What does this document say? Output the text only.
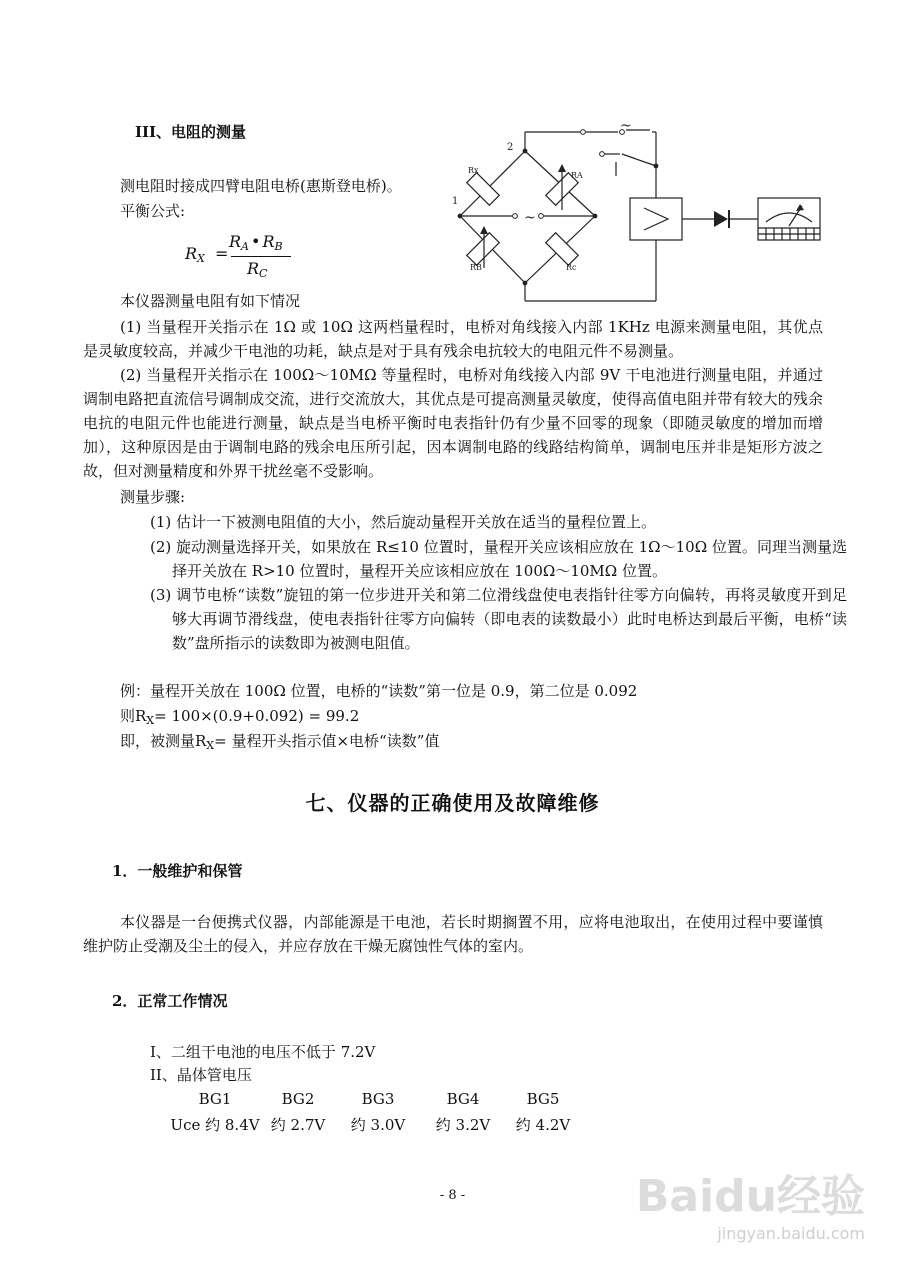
III、电阻的测量
测电阻时接成四臂电阻电桥(惠斯登电桥)。
平衡公式:
$R_X$ =
$R_A$ • $R_B$
$R_C$
2
1
Rx
RA
RB	Rc
~
~
本仪器测量电阻有如下情况
(1) 当量程开关指示在 1Ω 或 10Ω 这两档量程时，电桥对角线接入内部 1KHz 电源来测量电阻，其优点是灵敏度较高，并减少干电池的功耗，缺点是对于具有残余电抗较大的电阻元件不易测量。
(2) 当量程开关指示在 100Ω～10MΩ 等量程时，电桥对角线接入内部 9V 干电池进行测量电阻，并通过调制电路把直流信号调制成交流，进行交流放大，其优点是可提高测量灵敏度，使得高值电阻并带有较大的残余电抗的电阻元件也能进行测量，缺点是当电桥平衡时电表指针仍有少量不回零的现象（即随灵敏度的增加而增加），这种原因是由于调制电路的残余电压所引起，因本调制电路的线路结构简单，调制电压并非是矩形方波之故，但对测量精度和外界干扰丝毫不受影响。
测量步骤:
(1) 估计一下被测电阻值的大小，然后旋动量程开关放在适当的量程位置上。
(2) 旋动测量选择开关，如果放在 R≤10 位置时，量程开关应该相应放在 1Ω～10Ω 位置。同理当测量选择开关放在 R>10 位置时，量程开关应该相应放在 100Ω～10MΩ 位置。
(3) 调节电桥“读数”旋钮的第一位步进开关和第二位滑线盘使电表指针往零方向偏转，再将灵敏度开到足够大再调节滑线盘，使电表指针往零方向偏转（即电表的读数最小）此时电桥达到最后平衡，电桥“读数”盘所指示的读数即为被测电阻值。
例：量程开关放在 100Ω 位置，电桥的“读数”第一位是 0.9，第二位是 0.092
则$R_X= 100\times(0.9+0.092) = 99.2$
即，被测量$R_X=$ 量程开头指示值×电桥“读数”值
七、仪器的正确使用及故障维修
1．一般维护和保管
本仪器是一台便携式仪器，内部能源是干电池，若长时期搁置不用，应将电池取出，在使用过程中要谨慎维护防止受潮及尘土的侵入，并应存放在干燥无腐蚀性气体的室内。
2．正常工作情况
I、二组干电池的电压不低于 7.2V
II、晶体管电压
BG1	BG2	BG3	BG4	BG5
Uce 约 8.4V 约 2.7V	约 3.0V	约 3.2V	约 4.2V
- 8 -	Baidu经验
jingyan.baidu.com
